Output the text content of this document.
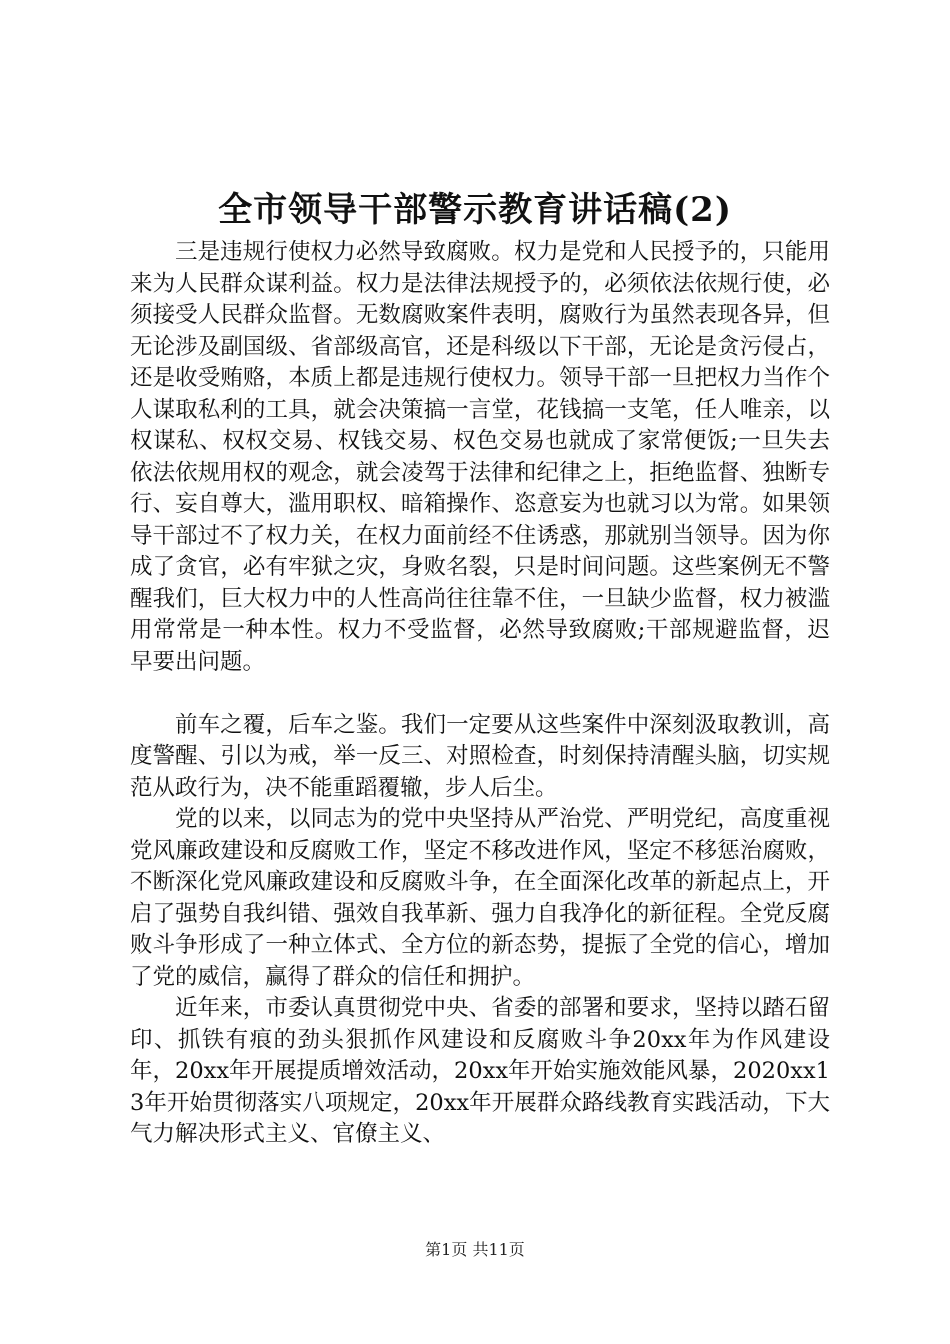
全市领导干部警示教育讲话稿(2)

三是违规行使权力必然导致腐败。权力是党和人民授予的，只能用来为人民群众谋利益。权力是法律法规授予的，必须依法依规行使，必须接受人民群众监督。无数腐败案件表明，腐败行为虽然表现各异，但无论涉及副国级、省部级高官，还是科级以下干部，无论是贪污侵占，还是收受贿赂，本质上都是违规行使权力。领导干部一旦把权力当作个人谋取私利的工具，就会决策搞一言堂，花钱搞一支笔，任人唯亲，以权谋私、权权交易、权钱交易、权色交易也就成了家常便饭;一旦失去依法依规用权的观念，就会凌驾于法律和纪律之上，拒绝监督、独断专行、妄自尊大，滥用职权、暗箱操作、恣意妄为也就习以为常。如果领导干部过不了权力关，在权力面前经不住诱惑，那就别当领导。因为你成了贪官，必有牢狱之灾，身败名裂，只是时间问题。这些案例无不警醒我们，巨大权力中的人性高尚往往靠不住，一旦缺少监督，权力被滥用常常是一种本性。权力不受监督，必然导致腐败;干部规避监督，迟早要出问题。

前车之覆，后车之鉴。我们一定要从这些案件中深刻汲取教训，高度警醒、引以为戒，举一反三、对照检查，时刻保持清醒头脑，切实规范从政行为，决不能重蹈覆辙，步人后尘。

党的以来，以同志为的党中央坚持从严治党、严明党纪，高度重视党风廉政建设和反腐败工作，坚定不移改进作风，坚定不移惩治腐败，不断深化党风廉政建设和反腐败斗争，在全面深化改革的新起点上，开启了强势自我纠错、强效自我革新、强力自我净化的新征程。全党反腐败斗争形成了一种立体式、全方位的新态势，提振了全党的信心，增加了党的威信，赢得了群众的信任和拥护。

近年来，市委认真贯彻党中央、省委的部署和要求，坚持以踏石留印、抓铁有痕的劲头狠抓作风建设和反腐败斗争20xx年为作风建设年，20xx年开展提质增效活动，20xx年开始实施效能风暴，2020xx13年开始贯彻落实八项规定，20xx年开展群众路线教育实践活动，下大气力解决形式主义、官僚主义、

第1页 共11页
